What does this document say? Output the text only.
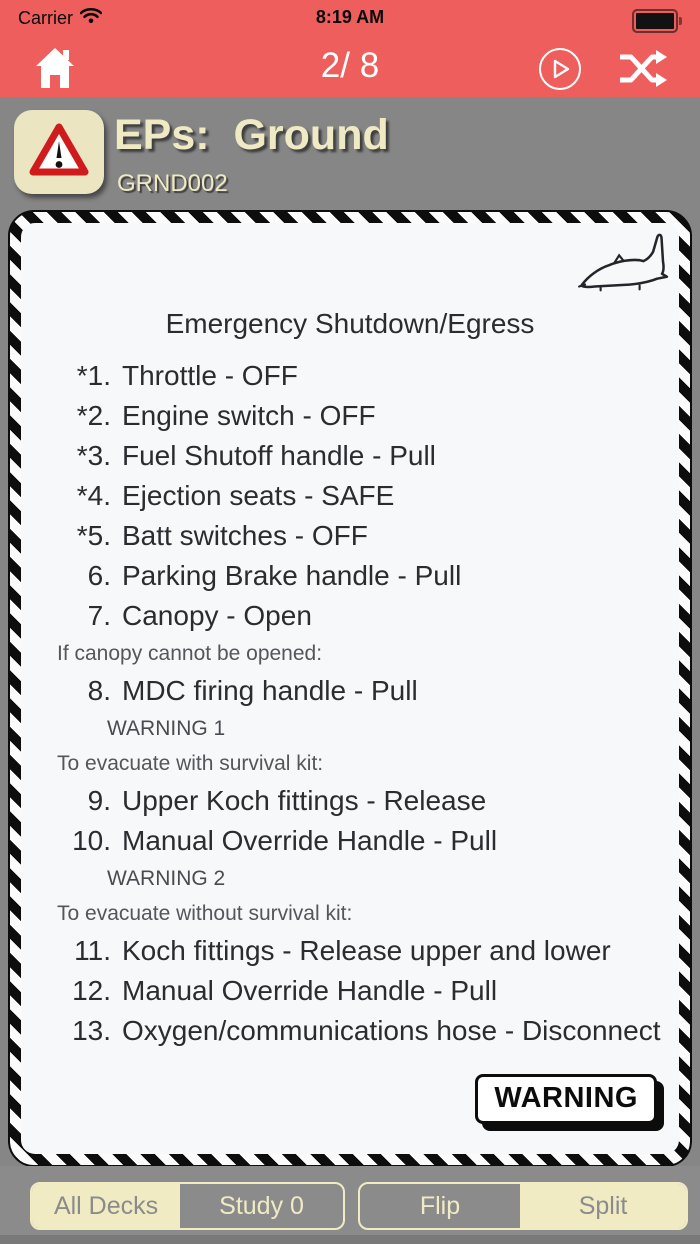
Carrier	8:19 AM
2/ 8
EPs:  Ground
GRND002
Emergency Shutdown/Egress
*1. Throttle - OFF
*2. Engine switch - OFF
*3. Fuel Shutoff handle - Pull
*4. Ejection seats - SAFE
*5. Batt switches - OFF
6. Parking Brake handle - Pull
7. Canopy - Open
If canopy cannot be opened:
8. MDC firing handle - Pull
WARNING 1
To evacuate with survival kit:
9. Upper Koch fittings - Release
10. Manual Override Handle - Pull
WARNING 2
To evacuate without survival kit:
11. Koch fittings - Release upper and lower
12. Manual Override Handle - Pull
13. Oxygen/communications hose - Disconnect
WARNING
All Decks	Study 0	Flip	Split
